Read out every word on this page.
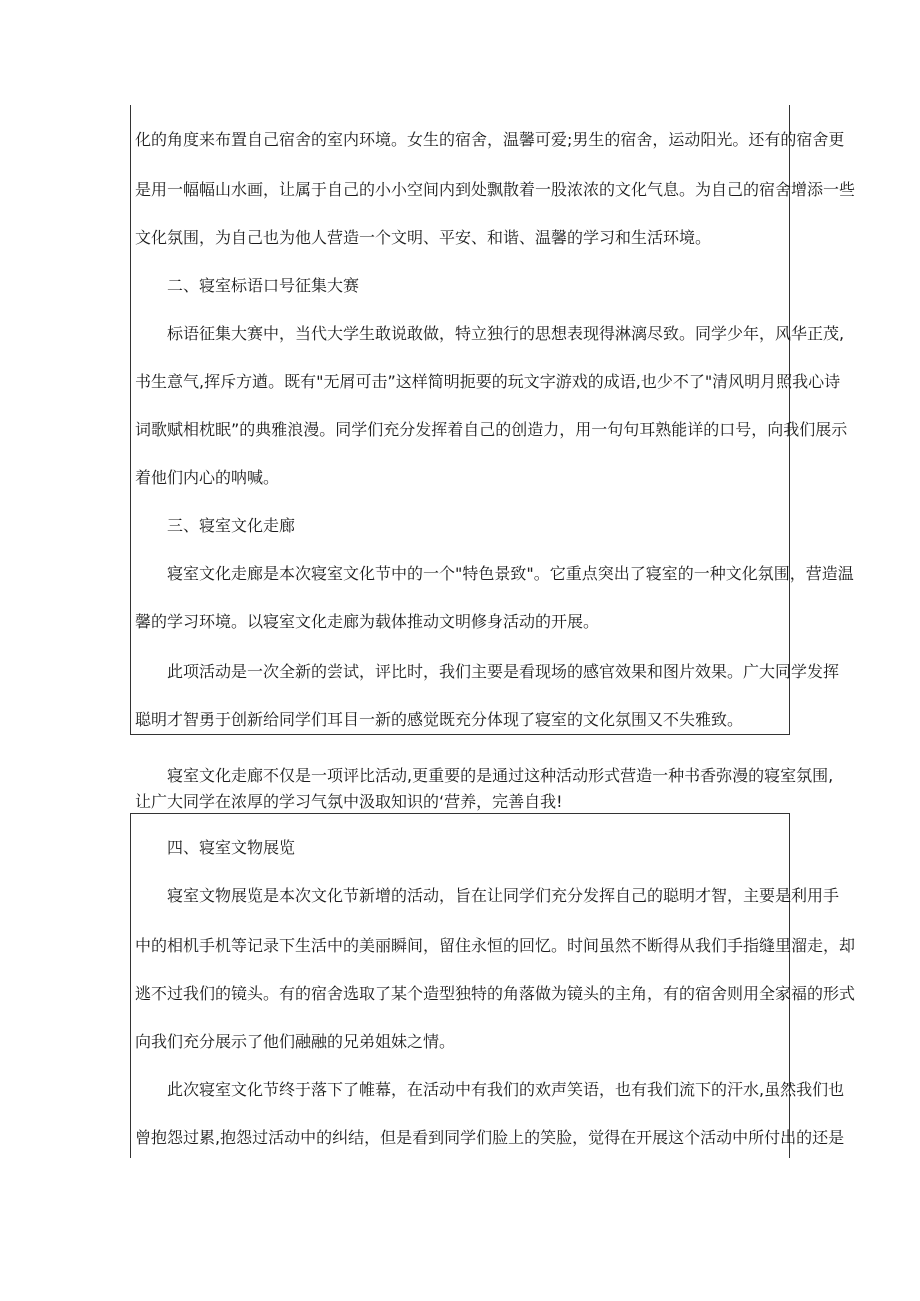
化的角度来布置自己宿舍的室内环境。女生的宿舍，温馨可爱;男生的宿舍，运动阳光。还有的宿舍更
是用一幅幅山水画，让属于自己的小小空间内到处飘散着一股浓浓的文化气息。为自己的宿舍增添一些
文化氛围，为自己也为他人营造一个文明、平安、和谐、温馨的学习和生活环境。
二、寝室标语口号征集大赛
标语征集大赛中，当代大学生敢说敢做，特立独行的思想表现得淋漓尽致。同学少年，风华正茂,
书生意气,挥斥方遒。既有"无屑可击”这样简明扼要的玩文字游戏的成语,也少不了"清风明月照我心诗
词歌赋相枕眠”的典雅浪漫。同学们充分发挥着自己的创造力，用一句句耳熟能详的口号，向我们展示
着他们内心的呐喊。
三、寝室文化走廊
寝室文化走廊是本次寝室文化节中的一个"特色景致"。它重点突出了寝室的一种文化氛围，营造温
馨的学习环境。以寝室文化走廊为载体推动文明修身活动的开展。
此项活动是一次全新的尝试，评比时，我们主要是看现场的感官效果和图片效果。广大同学发挥
聪明才智勇于创新给同学们耳目一新的感觉既充分体现了寝室的文化氛围又不失雅致。
寝室文化走廊不仅是一项评比活动,更重要的是通过这种活动形式营造一种书香弥漫的寝室氛围,
让广大同学在浓厚的学习气氛中汲取知识的‘营养，完善自我!
四、寝室文物展览
寝室文物展览是本次文化节新增的活动，旨在让同学们充分发挥自己的聪明才智，主要是利用手
中的相机手机等记录下生活中的美丽瞬间，留住永恒的回忆。时间虽然不断得从我们手指缝里溜走，却
逃不过我们的镜头。有的宿舍选取了某个造型独特的角落做为镜头的主角，有的宿舍则用全家福的形式
向我们充分展示了他们融融的兄弟姐妹之情。
此次寝室文化节终于落下了帷幕，在活动中有我们的欢声笑语，也有我们流下的汗水,虽然我们也
曾抱怨过累,抱怨过活动中的纠结，但是看到同学们脸上的笑脸，觉得在开展这个活动中所付出的还是
